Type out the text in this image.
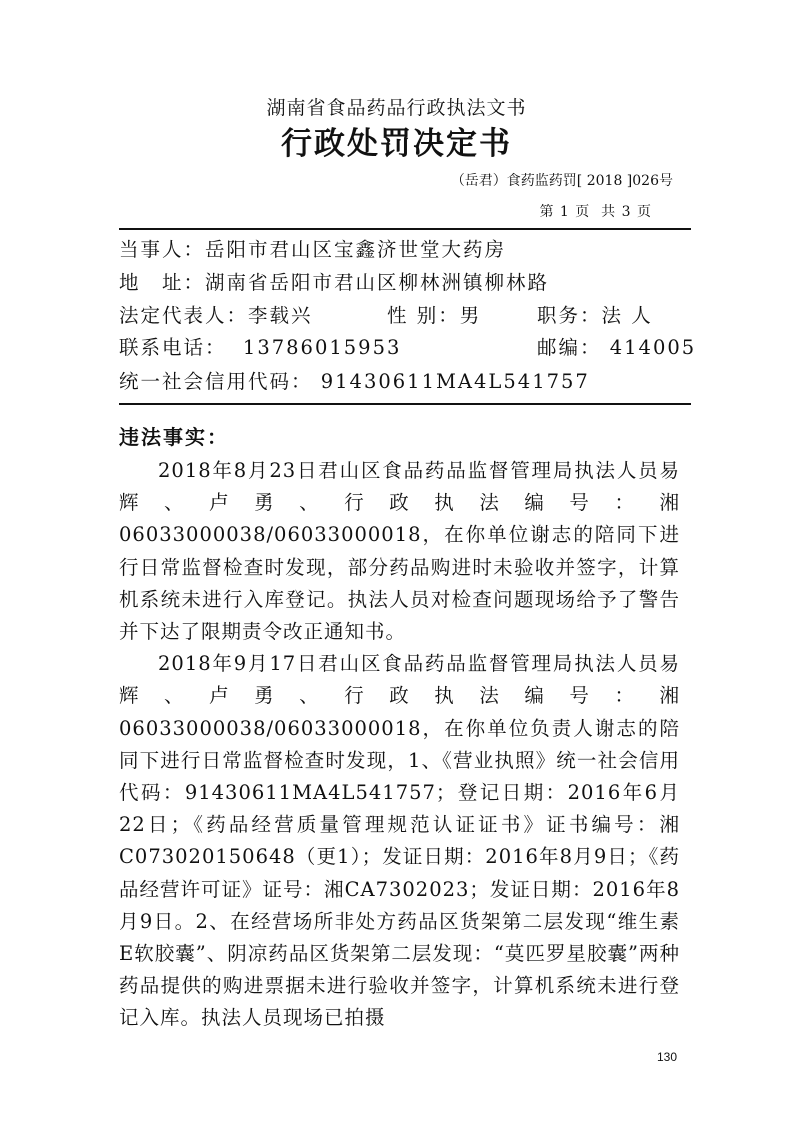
湖南省食品药品行政执法文书
行政处罚决定书
（岳君）食药监药罚[ 2018 ]026号
第 1 页 共 3 页
当事人：岳阳市君山区宝鑫济世堂大药房
地　址：湖南省岳阳市君山区柳林洲镇柳林路
法定代表人：李载兴	性 别：男	职务：法 人
联系电话： 13786015953	邮编： 414005
统一社会信用代码： 91430611MA4L541757
违法事实：

2018年8月23日君山区食品药品监督管理局执法人员易辉、卢勇、行政执法编号：湘06033000038/06033000018，在你单位谢志的陪同下进行日常监督检查时发现，部分药品购进时未验收并签字，计算机系统未进行入库登记。执法人员对检查问题现场给予了警告并下达了限期责令改正通知书。

2018年9月17日君山区食品药品监督管理局执法人员易辉、卢勇、行政执法编号：湘06033000038/06033000018，在你单位负责人谢志的陪同下进行日常监督检查时发现，1、《营业执照》统一社会信用代码：91430611MA4L541757；登记日期：2016年6月22日；《药品经营质量管理规范认证证书》证书编号：湘C073020150648（更1）；发证日期：2016年8月9日；《药品经营许可证》证号：湘CA7302023；发证日期：2016年8月9日。2、在经营场所非处方药品区货架第二层发现“维生素E软胶囊”、阴凉药品区货架第二层发现：“莫匹罗星胶囊”两种药品提供的购进票据未进行验收并签字，计算机系统未进行登记入库。执法人员现场已拍摄

130
